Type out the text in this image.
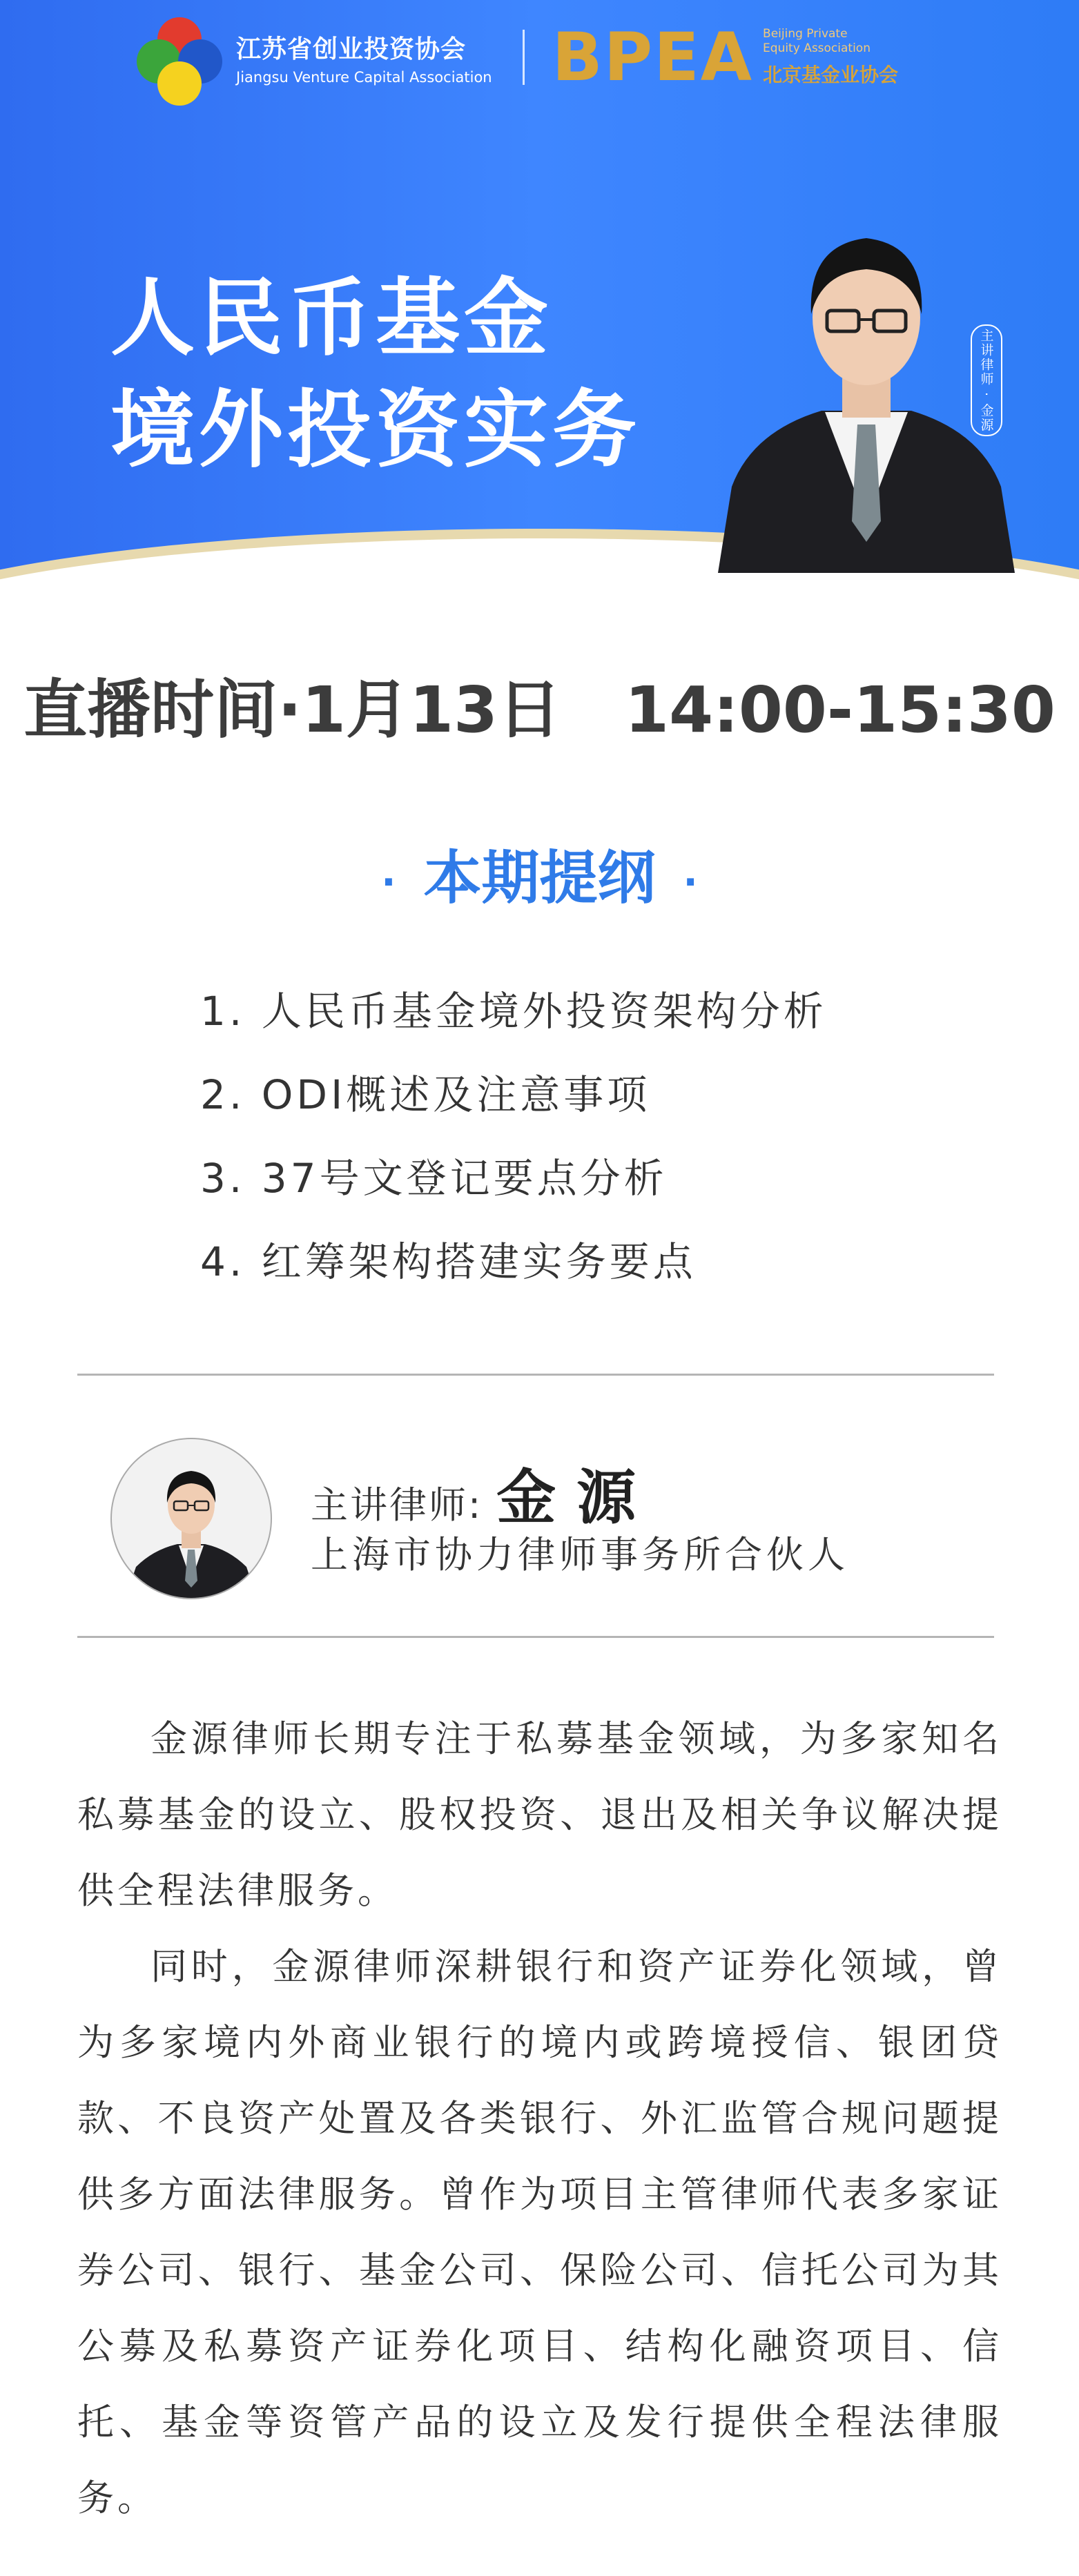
江苏省创业投资协会
Jiangsu Venture Capital Association BPEA Beijing Private
Equity Association
北京基金业协会
人民币基金
境外投资实务	主讲律师 · 金源
直播时间·1月13日　14:00-15:30
· 本期提纲 ·
1. 人民币基金境外投资架构分析
2. ODI概述及注意事项
3. 37号文登记要点分析
4. 红筹架构搭建实务要点
主讲律师: 金 源
上海市协力律师事务所合伙人

金源律师长期专注于私募基金领域，为多家知名私募基金的设立、股权投资、退出及相关争议解决提供全程法律服务。

同时，金源律师深耕银行和资产证券化领域，曾为多家境内外商业银行的境内或跨境授信、银团贷款、不良资产处置及各类银行、外汇监管合规问题提供多方面法律服务。曾作为项目主管律师代表多家证券公司、银行、基金公司、保险公司、信托公司为其公募及私募资产证券化项目、结构化融资项目、信托、基金等资管产品的设立及发行提供全程法律服务。
